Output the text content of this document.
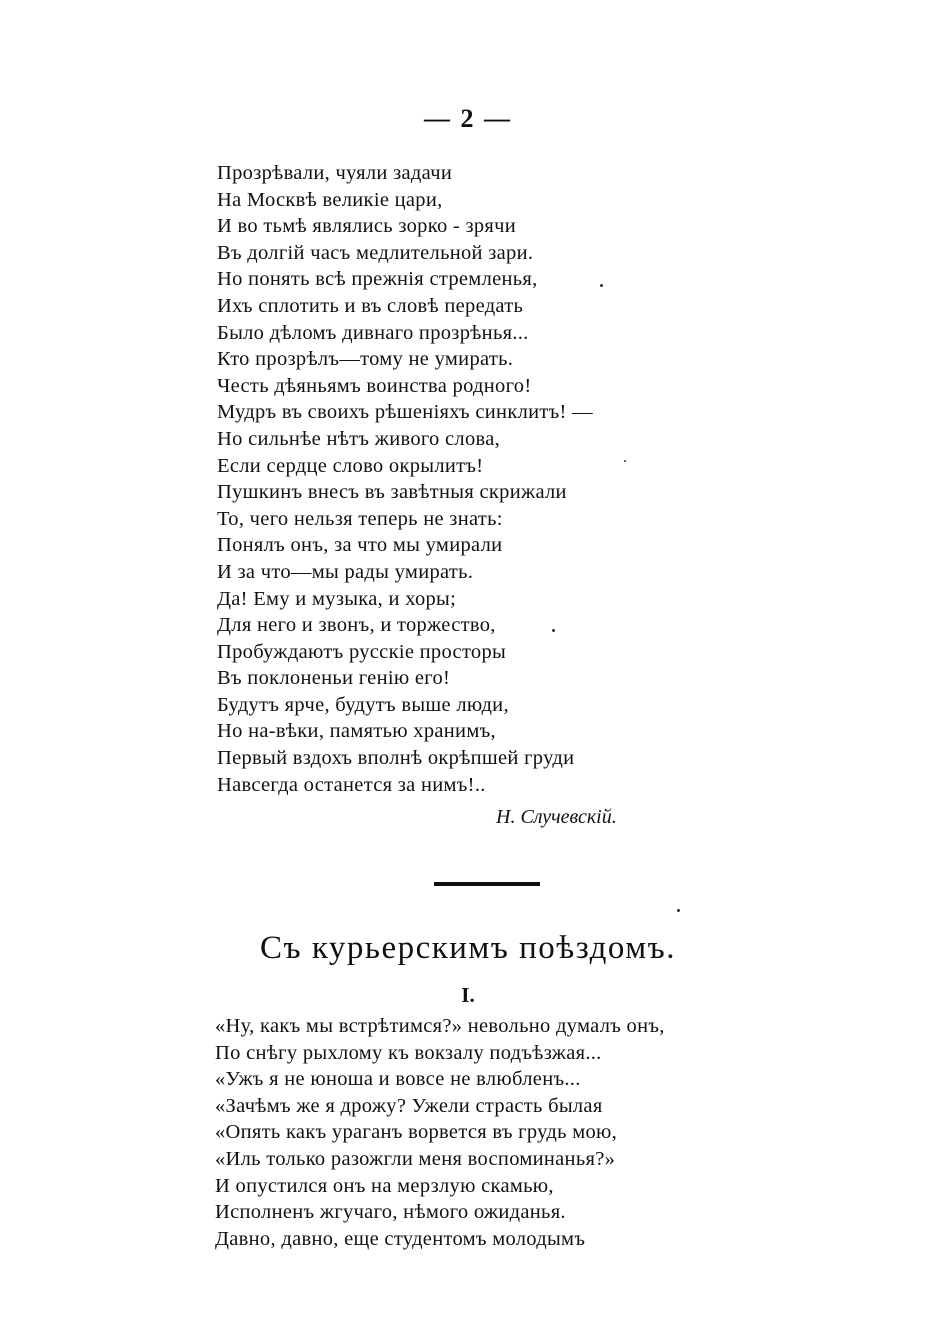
— 2 —
Прозрѣвали, чуяли задачи
На Москвѣ великіе цари,
И во тьмѣ являлись зорко - зрячи
Въ долгій часъ медлительной зари.
Но понять всѣ прежнія стремленья,
Ихъ сплотить и въ словѣ передать
Было дѣломъ дивнаго прозрѣнья...
Кто прозрѣлъ—тому не умирать.
Честь дѣяньямъ воинства родного!
Мудръ въ своихъ рѣшеніяхъ синклитъ! —
Но сильнѣе нѣтъ живого слова,
Если сердце слово окрылитъ!
Пушкинъ внесъ въ завѣтныя скрижали
То, чего нельзя теперь не знать:
Понялъ онъ, за что мы умирали
И за что—мы рады умирать.
Да! Ему и музыка, и хоры;
Для него и звонъ, и торжество,
Пробуждаютъ русскіе просторы
Въ поклоненьи генію его!
Будутъ ярче, будутъ выше люди,
Но на-вѣки, памятью хранимъ,
Первый вздохъ вполнѣ окрѣпшей груди
Навсегда останется за нимъ!..
Н. Случевскій.
Съ курьерскимъ поѣздомъ.
I.
«Ну, какъ мы встрѣтимся?» невольно думалъ онъ,
По снѣгу рыхлому къ вокзалу подъѣзжая...
«Ужъ я не юноша и вовсе не влюбленъ...
«Зачѣмъ же я дрожу? Ужели страсть былая
«Опять какъ ураганъ ворвется въ грудь мою,
«Иль только разожгли меня воспоминанья?»
И опустился онъ на мерзлую скамью,
Исполненъ жгучаго, нѣмого ожиданья.
Давно, давно, еще студентомъ молодымъ
